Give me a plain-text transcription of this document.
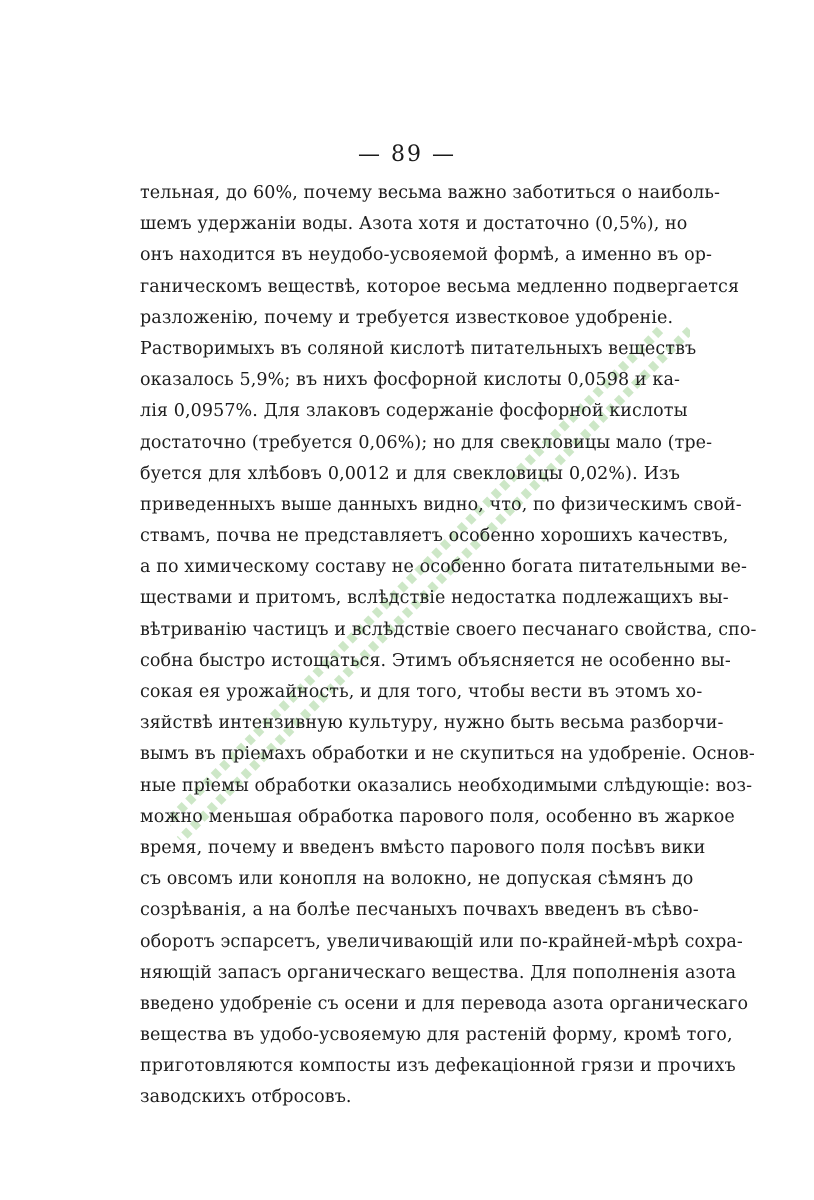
— 89 —
тельная, до 60%, почему весьма важно заботиться о наиболь-
шемъ удержаніи воды. Азота хотя и достаточно (0,5%), но
онъ находится въ неудобо-усвояемой формѣ, а именно въ ор-
ганическомъ веществѣ, которое весьма медленно подвергается
разложенію, почему и требуется известковое удобреніе.
Растворимыхъ въ соляной кислотѣ питательныхъ веществъ
оказалось 5,9%; въ нихъ фосфорной кислоты 0,0598 и ка-
лія 0,0957%. Для злаковъ содержаніе фосфорной кислоты
достаточно (требуется 0,06%); но для свекловицы мало (тре-
буется для хлѣбовъ 0,0012 и для свекловицы 0,02%). Изъ
приведенныхъ выше данныхъ видно, что, по физическимъ свой-
ствамъ, почва не представляетъ особенно хорошихъ качествъ,
а по химическому составу не особенно богата питательными ве-
ществами и притомъ, вслѣдствіе недостатка подлежащихъ вы-
вѣтриванію частицъ и вслѣдствіе своего песчанаго свойства, спо-
собна быстро истощаться. Этимъ объясняется не особенно вы-
сокая ея урожайность, и для того, чтобы вести въ этомъ хо-
зяйствѣ интензивную культуру, нужно быть весьма разборчи-
вымъ въ пріемахъ обработки и не скупиться на удобреніе. Основ-
ные пріемы обработки оказались необходимыми слѣдующіе: воз-
можно меньшая обработка парового поля, особенно въ жаркое
время, почему и введенъ вмѣсто парового поля посѣвъ вики
съ овсомъ или конопля на волокно, не допуская сѣмянъ до
созрѣванія, а на болѣе песчаныхъ почвахъ введенъ въ сѣво-
оборотъ эспарсетъ, увеличивающій или по-крайней-мѣрѣ сохра-
няющій запасъ органическаго вещества. Для пополненія азота
введено удобреніе съ осени и для перевода азота органическаго
вещества въ удобо-усвояемую для растеній форму, кромѣ того,
приготовляются компосты изъ дефекаціонной грязи и прочихъ
заводскихъ отбросовъ.
